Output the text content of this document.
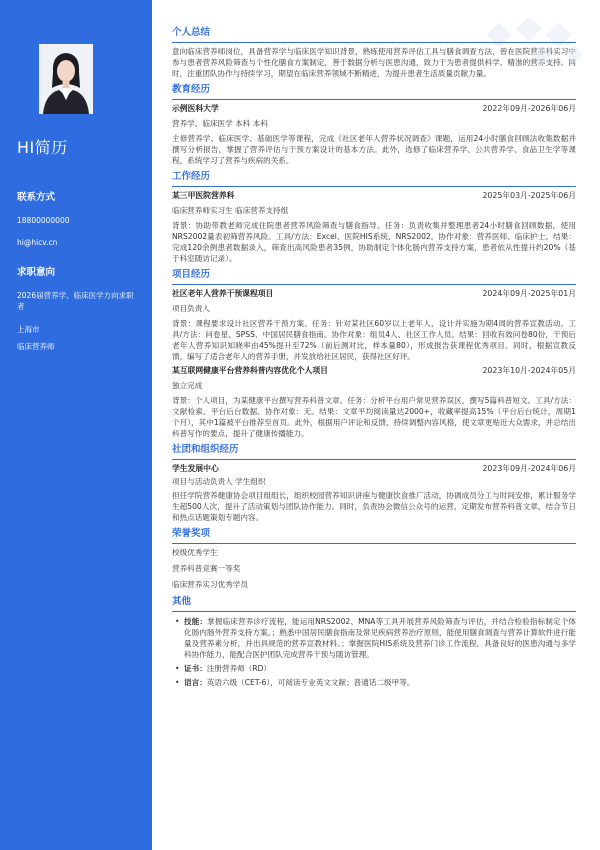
HI简历
联系方式
18800000000
hi@hicv.cn
求职意向
2026届营养学、临床医学方向求职者
上海市
临床营养师
个人总结

意向临床营养师岗位，具备营养学与临床医学知识背景，熟练使用营养评估工具与膳食调查方法，曾在医院营养科实习中参与患者营养风险筛查与个性化膳食方案制定，善于数据分析与医患沟通，致力于为患者提供科学、精准的营养支持。同时，注重团队协作与持续学习，期望在临床营养领域不断精进，为提升患者生活质量贡献力量。

教育经历
示例医科大学	2022年09月-2026年06月
营养学、临床医学 本科 本科

主修营养学、临床医学、基础医学等课程，完成《社区老年人营养状况调查》课题，运用24小时膳食回顾法收集数据并撰写分析报告，掌握了营养评估与干预方案设计的基本方法。此外，选修了临床营养学、公共营养学、食品卫生学等课程，系统学习了营养与疾病的关系。

工作经历
某三甲医院营养科	2025年03月-2025年06月
临床营养师实习生 临床营养支持组

背景：协助带教老师完成住院患者营养风险筛查与膳食指导。任务：负责收集并整理患者24小时膳食回顾数据，使用NRS2002量表初筛营养风险。工具/方法：Excel、医院HIS系统、NRS2002。协作对象：营养医师、临床护士。结果：完成120余例患者数据录入，筛查出高风险患者35例，协助制定个体化肠内营养支持方案，患者依从性提升约20%（基于科室随访记录）。

项目经历
社区老年人营养干预课程项目	2024年09月-2025年01月
项目负责人

背景：课程要求设计社区营养干预方案。任务：针对某社区60岁以上老年人，设计并实施为期4周的营养宣教活动。工具/方法：问卷星、SPSS、中国居民膳食指南。协作对象：组员4人、社区工作人员。结果：回收有效问卷80份，干预后老年人营养知识知晓率由45%提升至72%（前后测对比，样本量80），形成报告获课程优秀项目。同时，根据宣教反馈，编写了适合老年人的营养手册，并发放给社区居民，获得社区好评。

某互联网健康平台营养科普内容优化个人项目	2023年10月-2024年05月
独立完成

背景：个人项目，为某健康平台撰写营养科普文章。任务：分析平台用户常见营养误区，撰写5篇科普短文。工具/方法：文献检索、平台后台数据。协作对象：无。结果：文章平均阅读量达2000+，收藏率提高15%（平台后台统计，周期1个月），其中1篇被平台推荐至首页。此外，根据用户评论和反馈，持续调整内容风格，使文章更贴近大众需求，并总结出科普写作的要点，提升了健康传播能力。

社团和组织经历
学生发展中心	2023年09月-2024年06月
项目与活动负责人 学生组织

担任学院营养健康协会项目组组长，组织校园营养知识讲座与健康饮食推广活动，协调成员分工与时间安排，累计服务学生超500人次，提升了活动策划与团队协作能力。同时，负责协会微信公众号的运营，定期发布营养科普文章，结合节日和热点话题策划专题内容。

荣誉奖项
校级优秀学生
营养科普竞赛一等奖
临床营养实习优秀学员
其他
• 技能：掌握临床营养诊疗流程，能运用NRS2002、MNA等工具开展营养风险筛查与评估，并结合检验指标制定个体化肠内肠外营养支持方案。；熟悉中国居民膳食指南及常见疾病营养治疗原则，能使用膳食调查与营养计算软件进行能量及营养素分析，并出具规范的营养宣教材料。；掌握医院HIS系统及营养门诊工作流程，具备良好的医患沟通与多学科协作能力，能配合医护团队完成营养干预与随访管理。
• 证书：注册营养师（RD）
• 语言：英语六级（CET-6），可阅读专业英文文献；普通话二级甲等。
